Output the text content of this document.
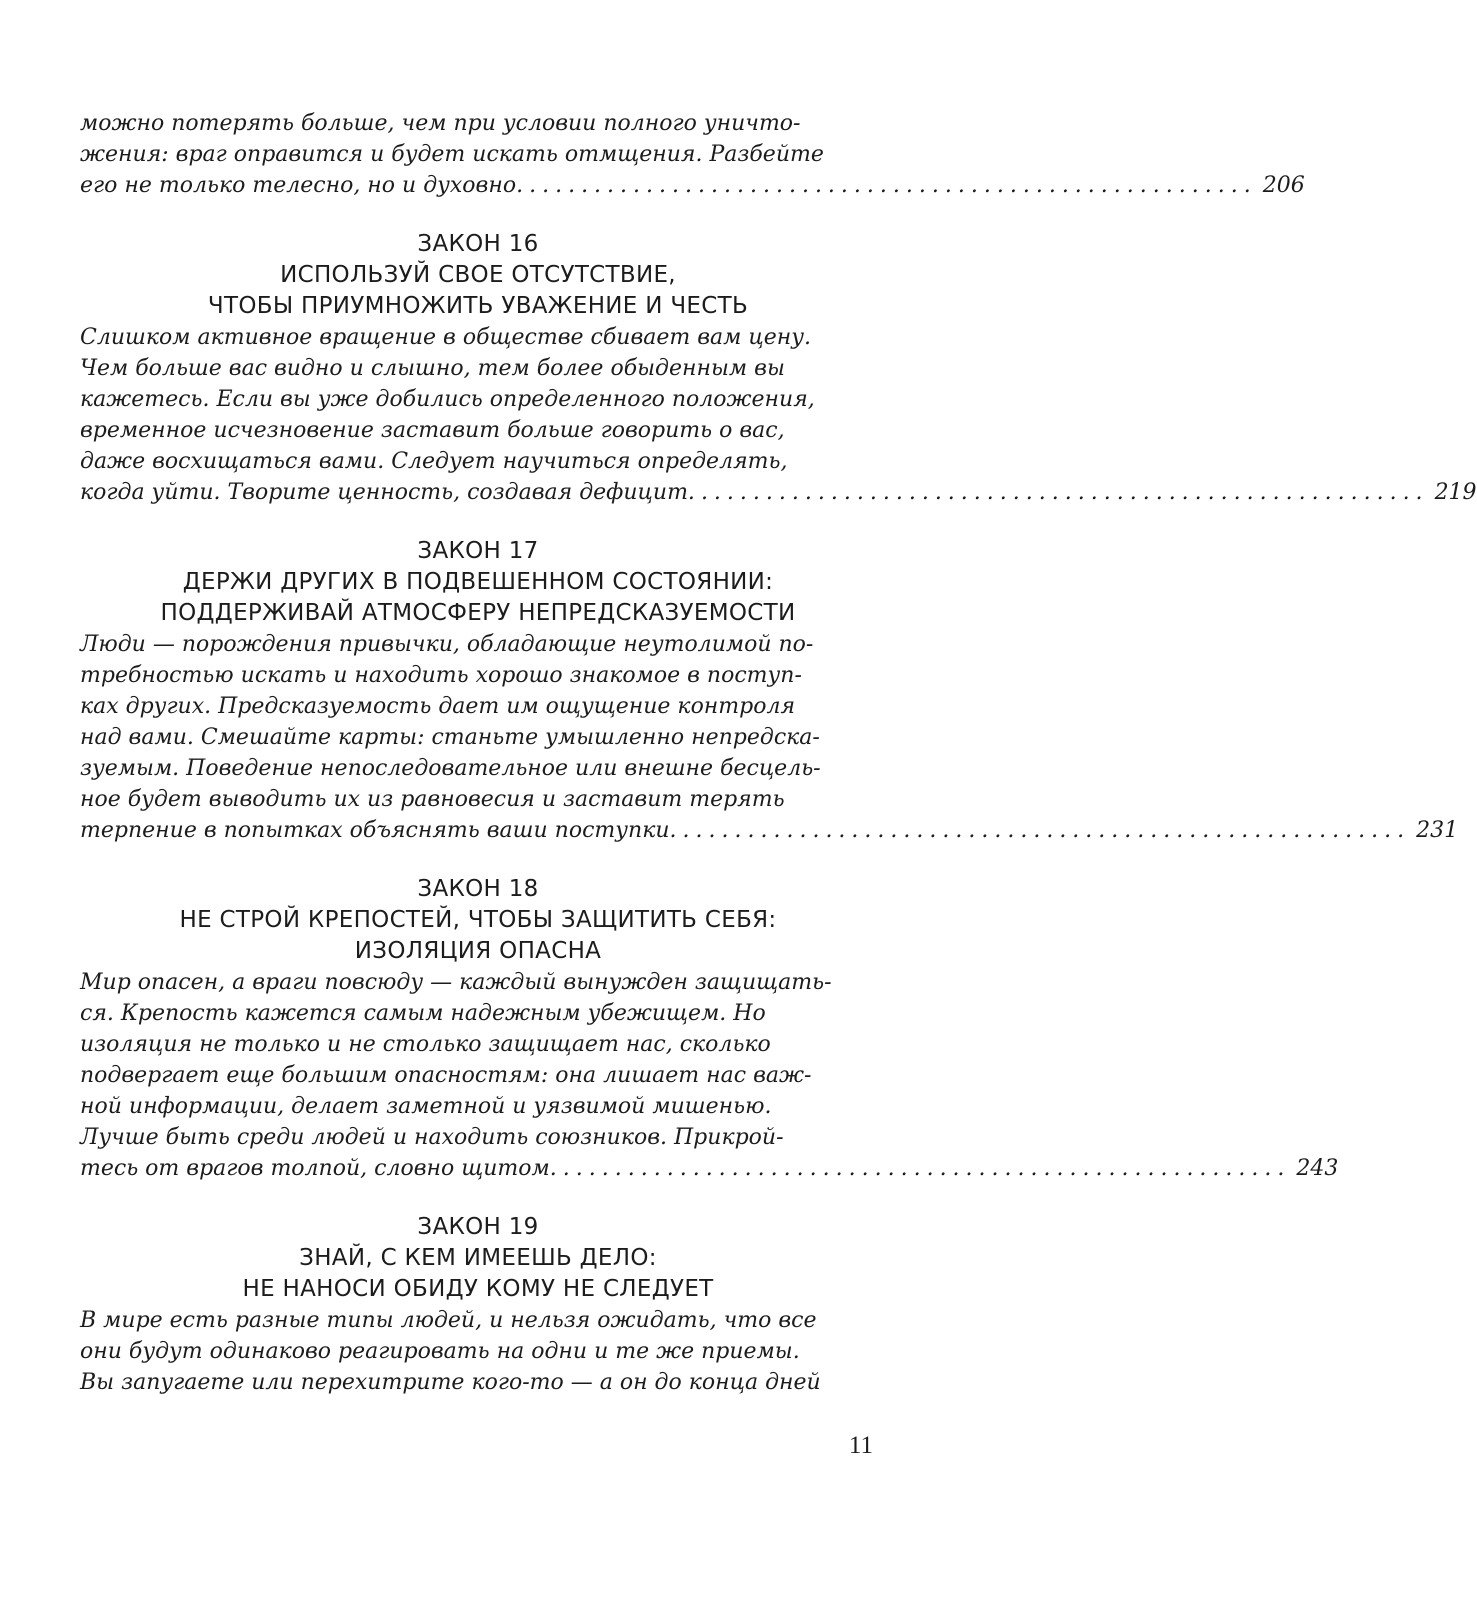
можно потерять больше, чем при условии полного уничто-
жения: враг оправится и будет искать отмщения. Разбейте
его не только телесно, но и духовно. ........................................................ 206
ЗАКОН 16
ИСПОЛЬЗУЙ СВОЕ ОТСУТСТВИЕ,
ЧТОБЫ ПРИУМНОЖИТЬ УВАЖЕНИЕ И ЧЕСТЬ
Слишком активное вращение в обществе сбивает вам цену.
Чем больше вас видно и слышно, тем более обыденным вы
кажетесь. Если вы уже добились определенного положения,
временное исчезновение заставит больше говорить о вас,
даже восхищаться вами. Следует научиться определять,
когда уйти. Творите ценность, создавая дефицит. ........................................................ 219
ЗАКОН 17
ДЕРЖИ ДРУГИХ В ПОДВЕШЕННОМ СОСТОЯНИИ:
ПОДДЕРЖИВАЙ АТМОСФЕРУ НЕПРЕДСКАЗУЕМОСТИ
Люди — порождения привычки, обладающие неутолимой по-
требностью искать и находить хорошо знакомое в поступ-
ках других. Предсказуемость дает им ощущение контроля
над вами. Смешайте карты: станьте умышленно непредска-
зуемым. Поведение непоследовательное или внешне бесцель-
ное будет выводить их из равновесия и заставит терять
терпение в попытках объяснять ваши поступки. ........................................................ 231
ЗАКОН 18
НЕ СТРОЙ КРЕПОСТЕЙ, ЧТОБЫ ЗАЩИТИТЬ СЕБЯ:
ИЗОЛЯЦИЯ ОПАСНА
Мир опасен, а враги повсюду — каждый вынужден защищать-
ся. Крепость кажется самым надежным убежищем. Но
изоляция не только и не столько защищает нас, сколько
подвергает еще большим опасностям: она лишает нас важ-
ной информации, делает заметной и уязвимой мишенью.
Лучше быть среди людей и находить союзников. Прикрой-
тесь от врагов толпой, словно щитом. ........................................................ 243
ЗАКОН 19
ЗНАЙ, С КЕМ ИМЕЕШЬ ДЕЛО:
НЕ НАНОСИ ОБИДУ КОМУ НЕ СЛЕДУЕТ
В мире есть разные типы людей, и нельзя ожидать, что все
они будут одинаково реагировать на одни и те же приемы.
Вы запугаете или перехитрите кого-то — а он до конца дней
11
